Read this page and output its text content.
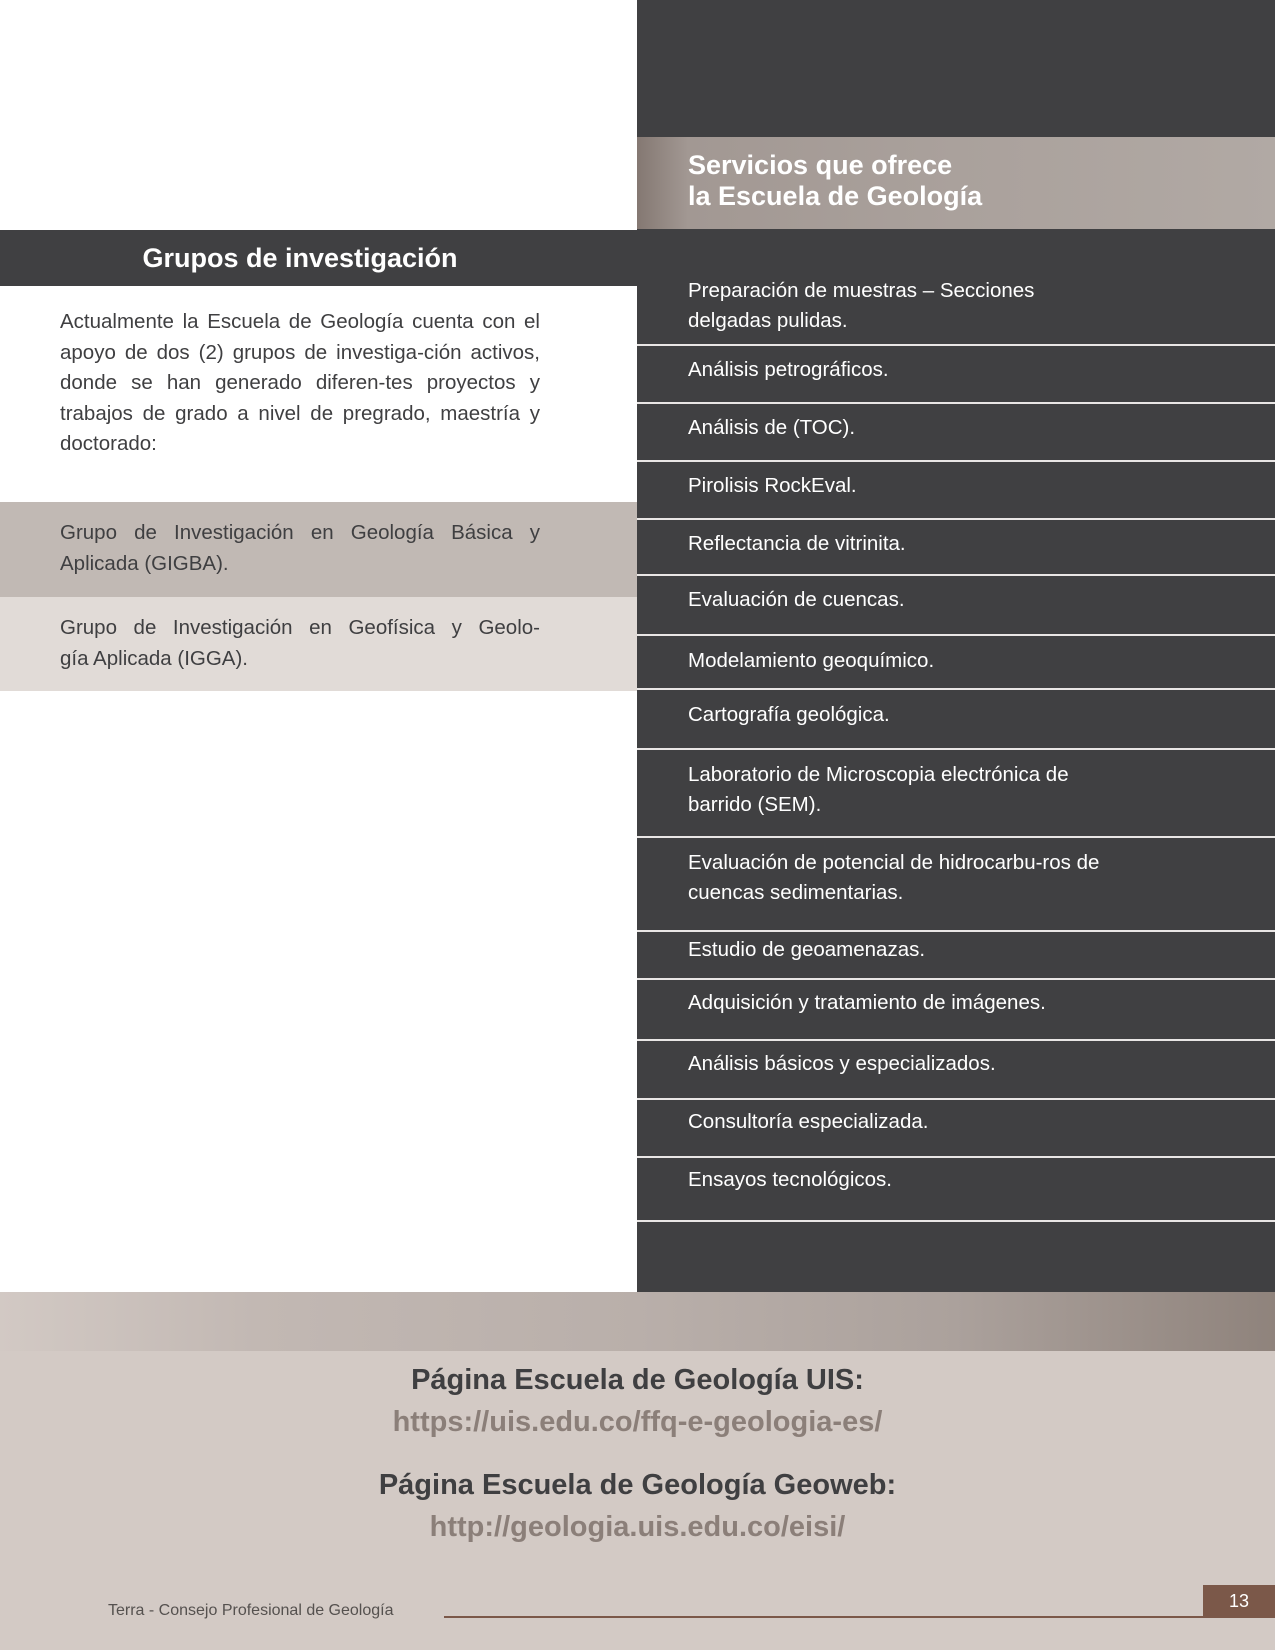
Servicios que ofrece
la Escuela de Geología
Preparación de muestras – Secciones delgadas pulidas.
Análisis petrográficos.
Análisis de (TOC).
Pirolisis RockEval.
Reflectancia de vitrinita.
Evaluación de cuencas.
Modelamiento geoquímico.
Cartografía geológica.
Laboratorio de Microscopia electrónica de barrido (SEM).
Evaluación de potencial de hidrocarbu-ros de cuencas sedimentarias.
Estudio de geoamenazas.
Adquisición y tratamiento de imágenes.
Análisis básicos y especializados.
Consultoría especializada.
Ensayos tecnológicos.
Grupos de investigación
Actualmente la Escuela de Geología cuenta con el apoyo de dos (2) grupos de investiga-ción activos, donde se han generado diferen-tes proyectos y trabajos de grado a nivel de pregrado, maestría y doctorado:
Grupo de Investigación en Geología Básica y
Aplicada (GIGBA).
Grupo de Investigación en Geofísica y Geolo-
gía Aplicada (IGGA).
Página Escuela de Geología UIS:
https://uis.edu.co/ffq-e-geologia-es/
Página Escuela de Geología Geoweb:
http://geologia.uis.edu.co/eisi/
Terra - Consejo Profesional de Geología	13
